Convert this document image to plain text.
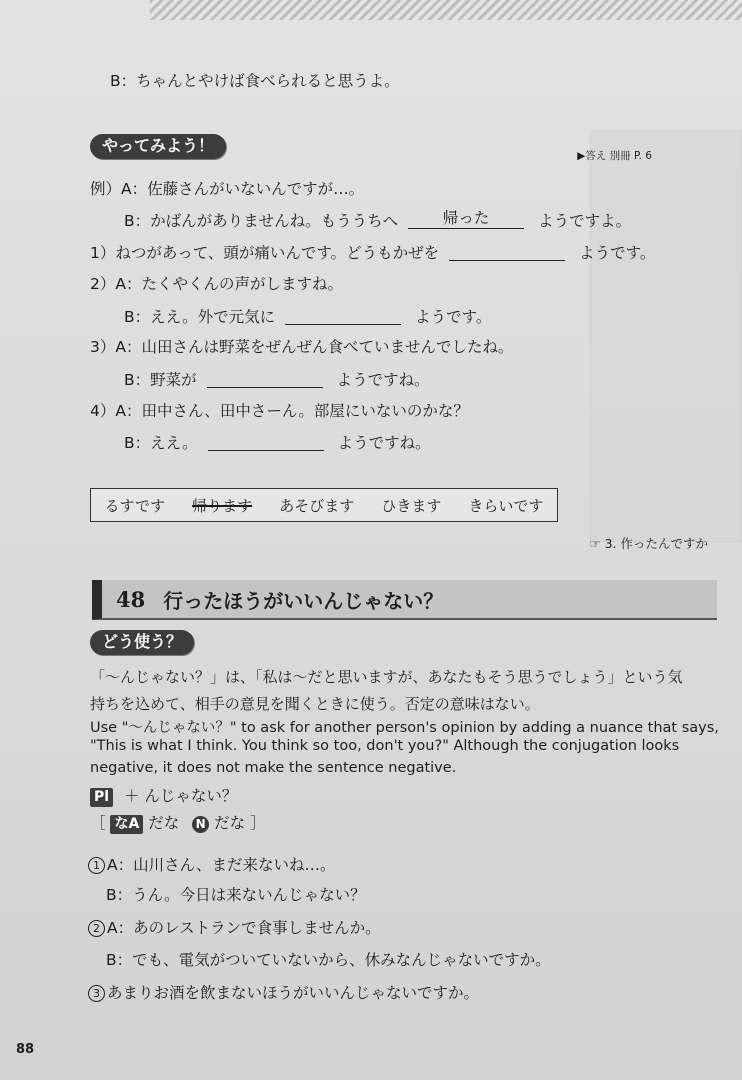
B：ちゃんとやけば食べられると思うよ。
やってみよう！
▶答え 別冊 P. 6
例）A：佐藤さんがいないんですが…。
B：かばんがありませんね。もううちへ	帰った	ようですよ。
1）ねつがあって、頭が痛いんです。どうもかぜを	ようです。
2）A：たくやくんの声がしますね。
B：ええ。外で元気に	ようです。
3）A：山田さんは野菜をぜんぜん食べていませんでしたね。
B：野菜が	ようですね。
4）A：田中さん、田中さーん。部屋にいないのかな？
B：ええ。	ようですね。
るすです 帰ります あそびます ひきます きらいです
☞ 3. 作ったんですか
48 行ったほうがいいんじゃない？
どう使う？
「〜んじゃない？」は、「私は〜だと思いますが、あなたもそう思うでしょう」という気
持ちを込めて、相手の意見を聞くときに使う。否定の意味はない。
Use "〜んじゃない？" to ask for another person's opinion by adding a nuance that says,
"This is what I think. You think so too, don't you?" Although the conjugation looks
negative, it does not make the sentence negative.
Pl ＋ んじゃない？
［ なA だな N だな ］
1 A：山川さん、まだ来ないね…。
B：うん。今日は来ないんじゃない？
2 A：あのレストランで食事しませんか。
B：でも、電気がついていないから、休みなんじゃないですか。
3 あまりお酒を飲まないほうがいいんじゃないですか。
88
